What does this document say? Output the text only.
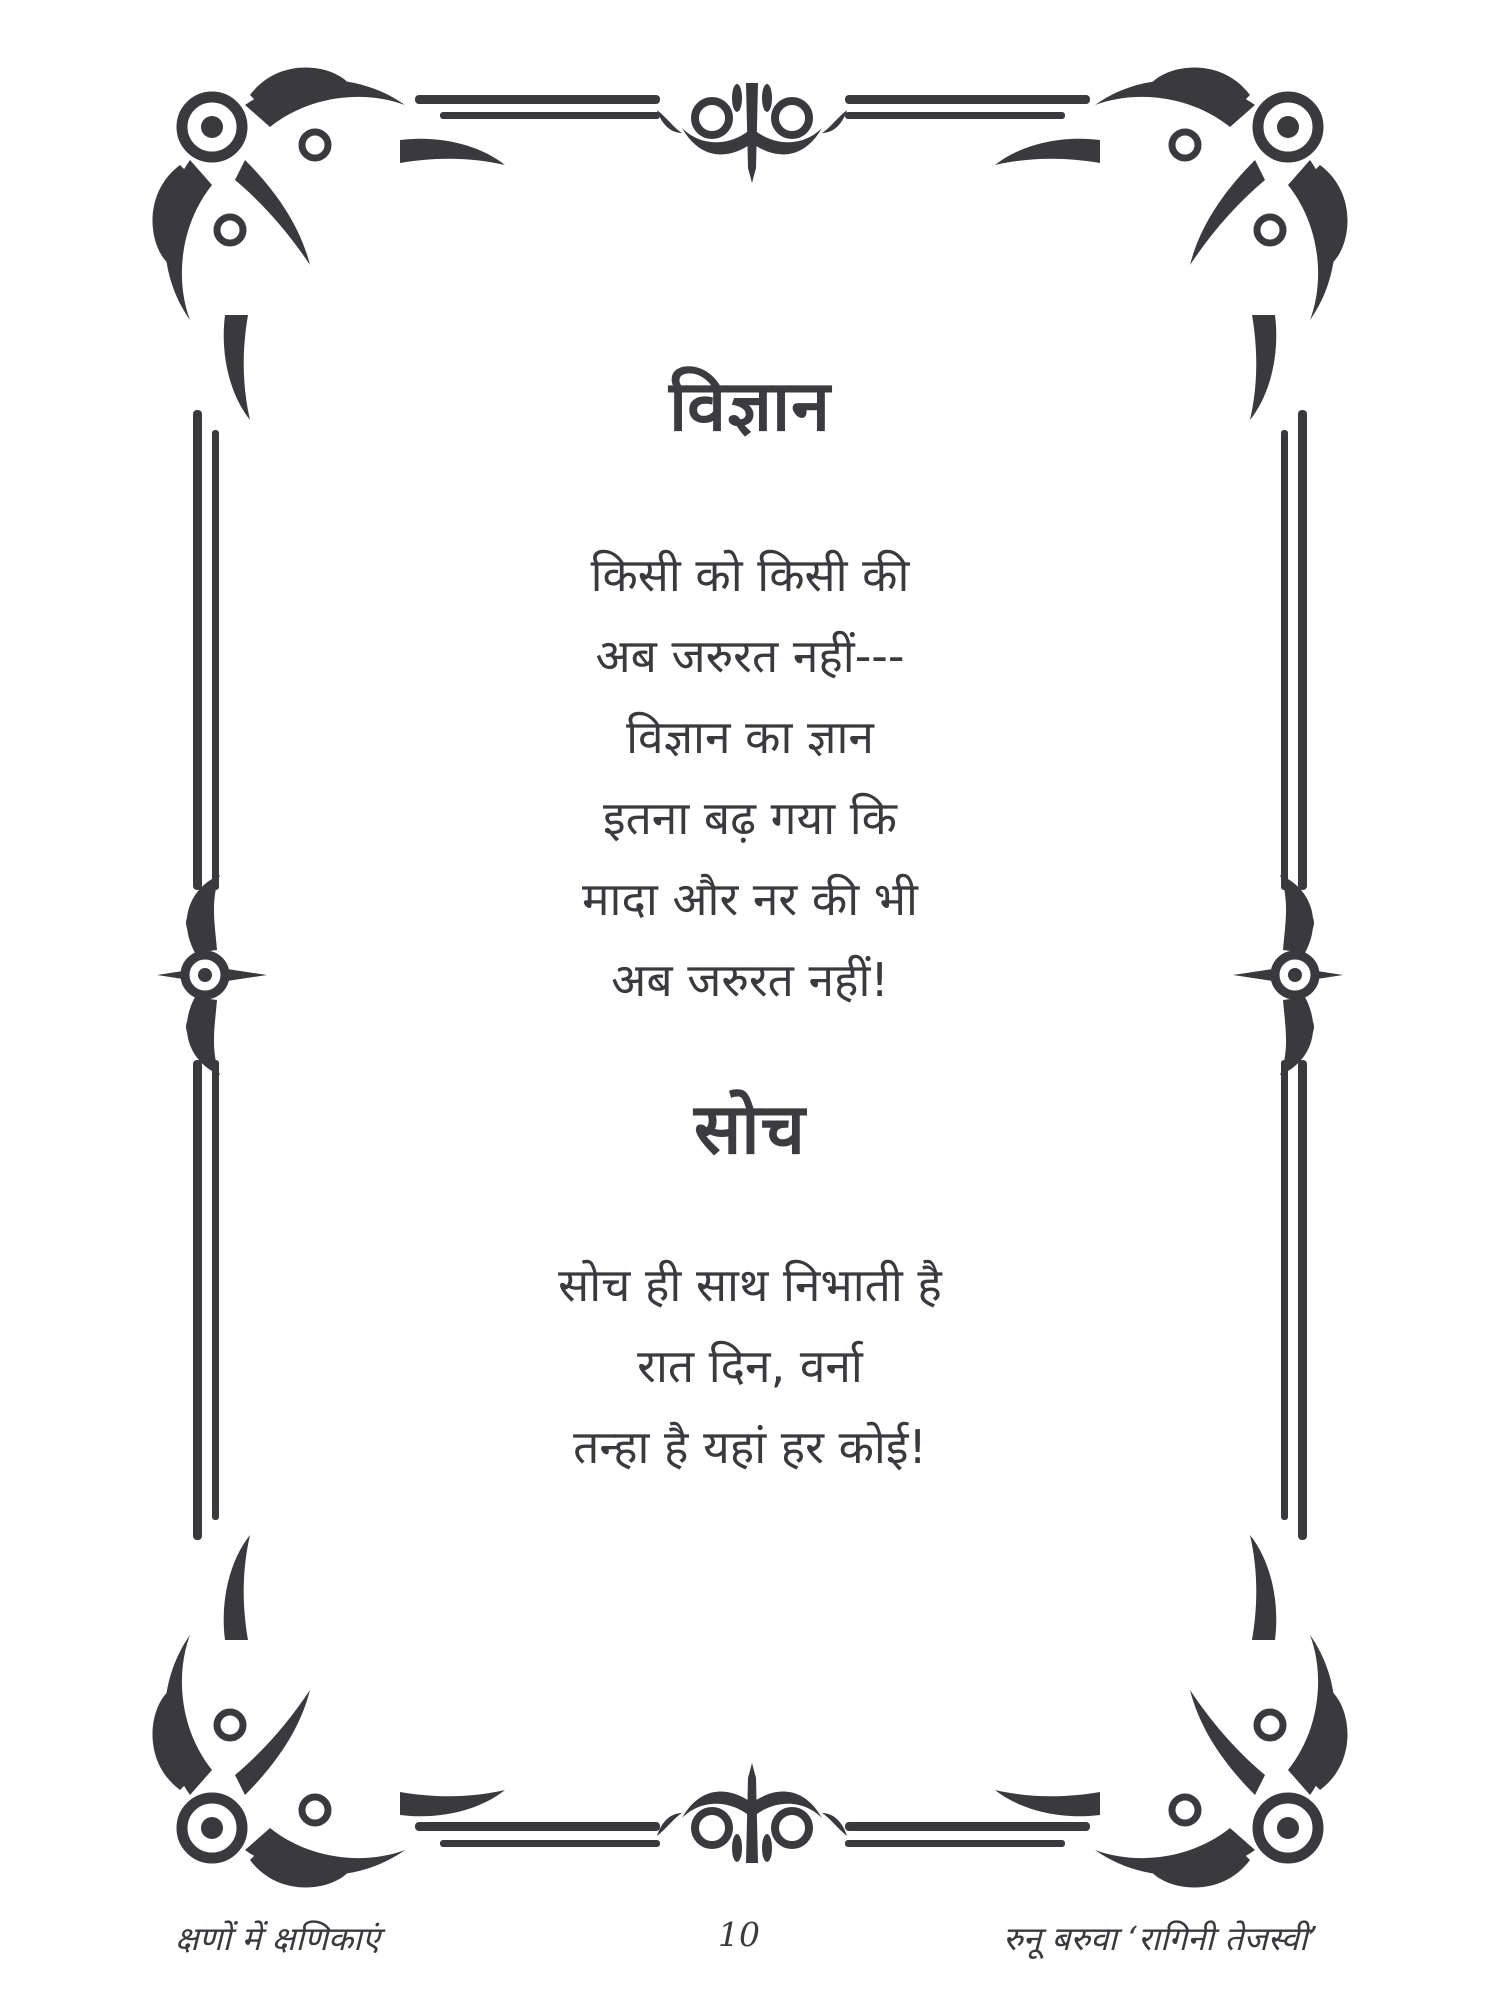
विज्ञान
किसी को किसी की
अब जरुरत नहीं---
विज्ञान का ज्ञान
इतना बढ़ गया कि
मादा और नर की भी
अब जरुरत नहीं!
सोच
सोच ही साथ निभाती है
रात दिन, वर्ना
तन्हा है यहां हर कोई!
क्षणों में क्षणिकाएं	10	रुनू बरुवा ‘रागिनी तेजस्वी’
